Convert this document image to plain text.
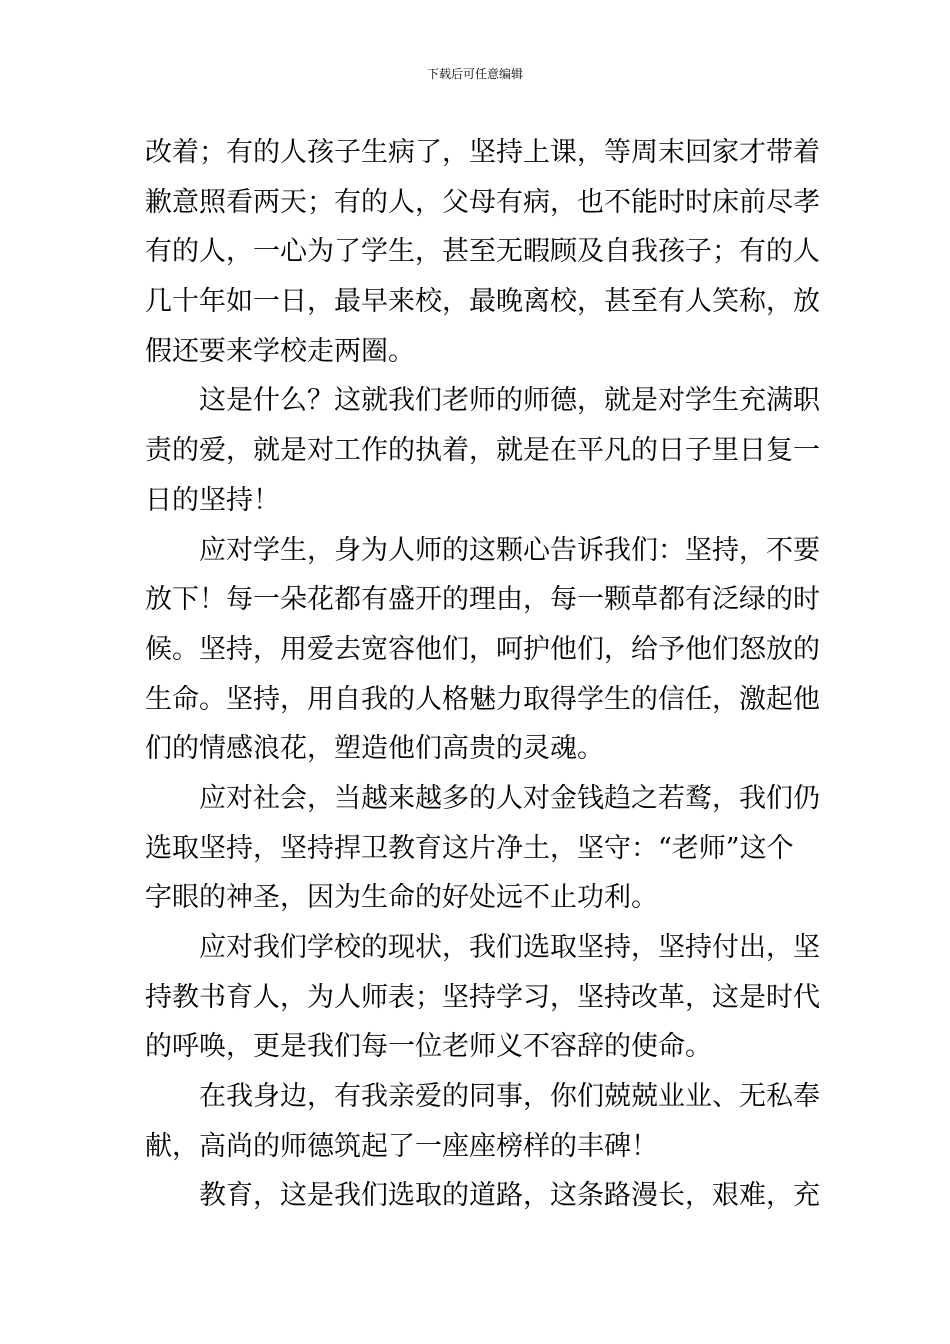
下载后可任意编辑
改着；有的人孩子生病了，坚持上课，等周末回家才带着
歉意照看两天；有的人，父母有病，也不能时时床前尽孝
有的人，一心为了学生，甚至无暇顾及自我孩子；有的人
几十年如一日，最早来校，最晚离校，甚至有人笑称，放
假还要来学校走两圈。
这是什么？这就我们老师的师德，就是对学生充满职
责的爱，就是对工作的执着，就是在平凡的日子里日复一
日的坚持！
应对学生，身为人师的这颗心告诉我们：坚持，不要
放下！每一朵花都有盛开的理由，每一颗草都有泛绿的时
候。坚持，用爱去宽容他们，呵护他们，给予他们怒放的
生命。坚持，用自我的人格魅力取得学生的信任，激起他
们的情感浪花，塑造他们高贵的灵魂。
应对社会，当越来越多的人对金钱趋之若鹜，我们仍
选取坚持，坚持捍卫教育这片净土，坚守：“老师”这个
字眼的神圣，因为生命的好处远不止功利。
应对我们学校的现状，我们选取坚持，坚持付出，坚
持教书育人，为人师表；坚持学习，坚持改革，这是时代
的呼唤，更是我们每一位老师义不容辞的使命。
在我身边，有我亲爱的同事，你们兢兢业业、无私奉
献，高尚的师德筑起了一座座榜样的丰碑！
教育，这是我们选取的道路，这条路漫长，艰难，充
